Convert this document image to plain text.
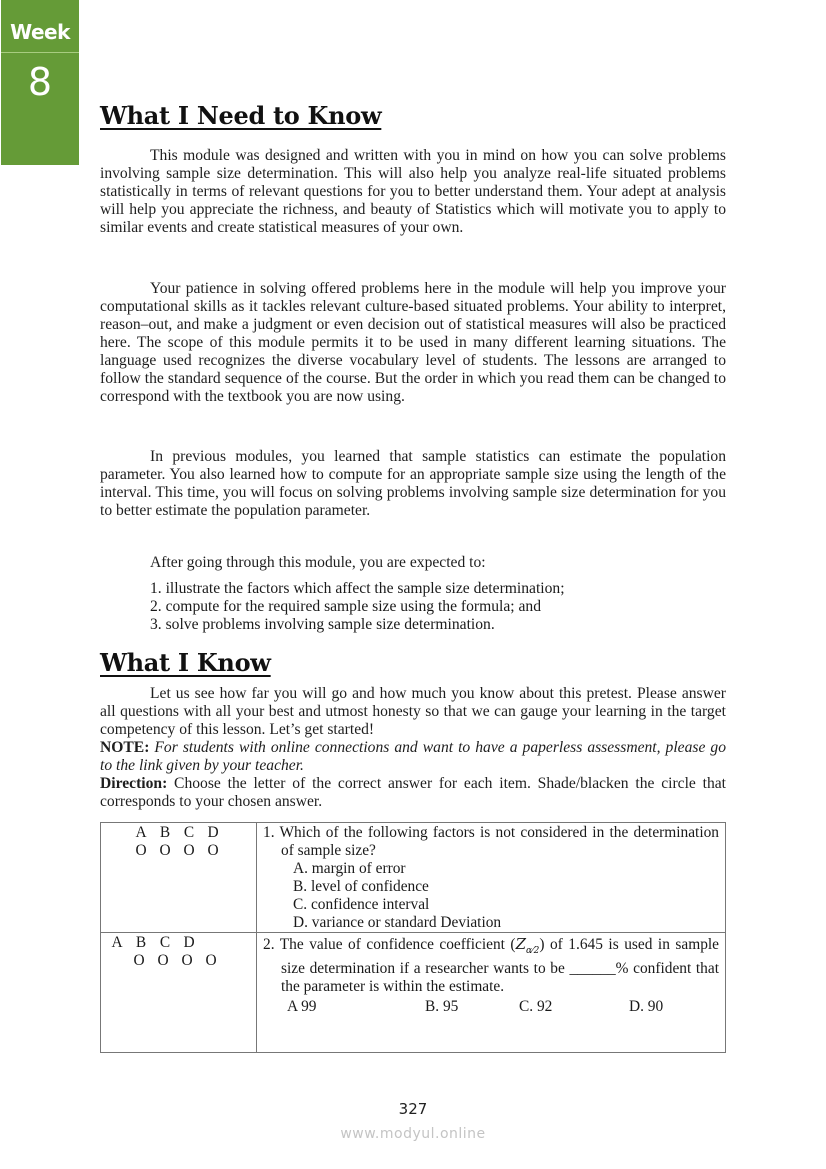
Week
8
What I Need to Know

This module was designed and written with you in mind on how you can solve problems involving sample size determination. This will also help you analyze real-life situated problems statistically in terms of relevant questions for you to better understand them. Your adept at analysis will help you appreciate the richness, and beauty of Statistics which will motivate you to apply to similar events and create statistical measures of your own.

Your patience in solving offered problems here in the module will help you improve your computational skills as it tackles relevant culture-based situated problems. Your ability to interpret, reason–out, and make a judgment or even decision out of statistical measures will also be practiced here. The scope of this module permits it to be used in many different learning situations. The language used recognizes the diverse vocabulary level of students. The lessons are arranged to follow the standard sequence of the course. But the order in which you read them can be changed to correspond with the textbook you are now using.

In previous modules, you learned that sample statistics can estimate the population parameter. You also learned how to compute for an appropriate sample size using the length of the interval. This time, you will focus on solving problems involving sample size determination for you to better estimate the population parameter.

After going through this module, you are expected to:

1. illustrate the factors which affect the sample size determination;
2. compute for the required sample size using the formula; and
3. solve problems involving sample size determination.
What I Know

Let us see how far you will go and how much you know about this pretest. Please answer all questions with all your best and utmost honesty so that we can gauge your learning in the target competency of this lesson. Let’s get started!

NOTE: For students with online connections and want to have a paperless assessment, please go to the link given by your teacher.

Direction: Choose the letter of the correct answer for each item. Shade/blacken the circle that corresponds to your chosen answer.

A B C D
O O O O

1. Which of the following factors is not considered in the determination of sample size?
A. margin of error
B. level of confidence
C. confidence interval
D. variance or standard Deviation

A B C D
O O O O

2. The value of confidence coefficient $(Z_{\alpha⁄2})$ of 1.645 is used in sample size determination if a researcher wants to be ______% confident that the parameter is within the estimate.
A 99	B. 95	C. 92	D. 90
327
www.modyul.online
